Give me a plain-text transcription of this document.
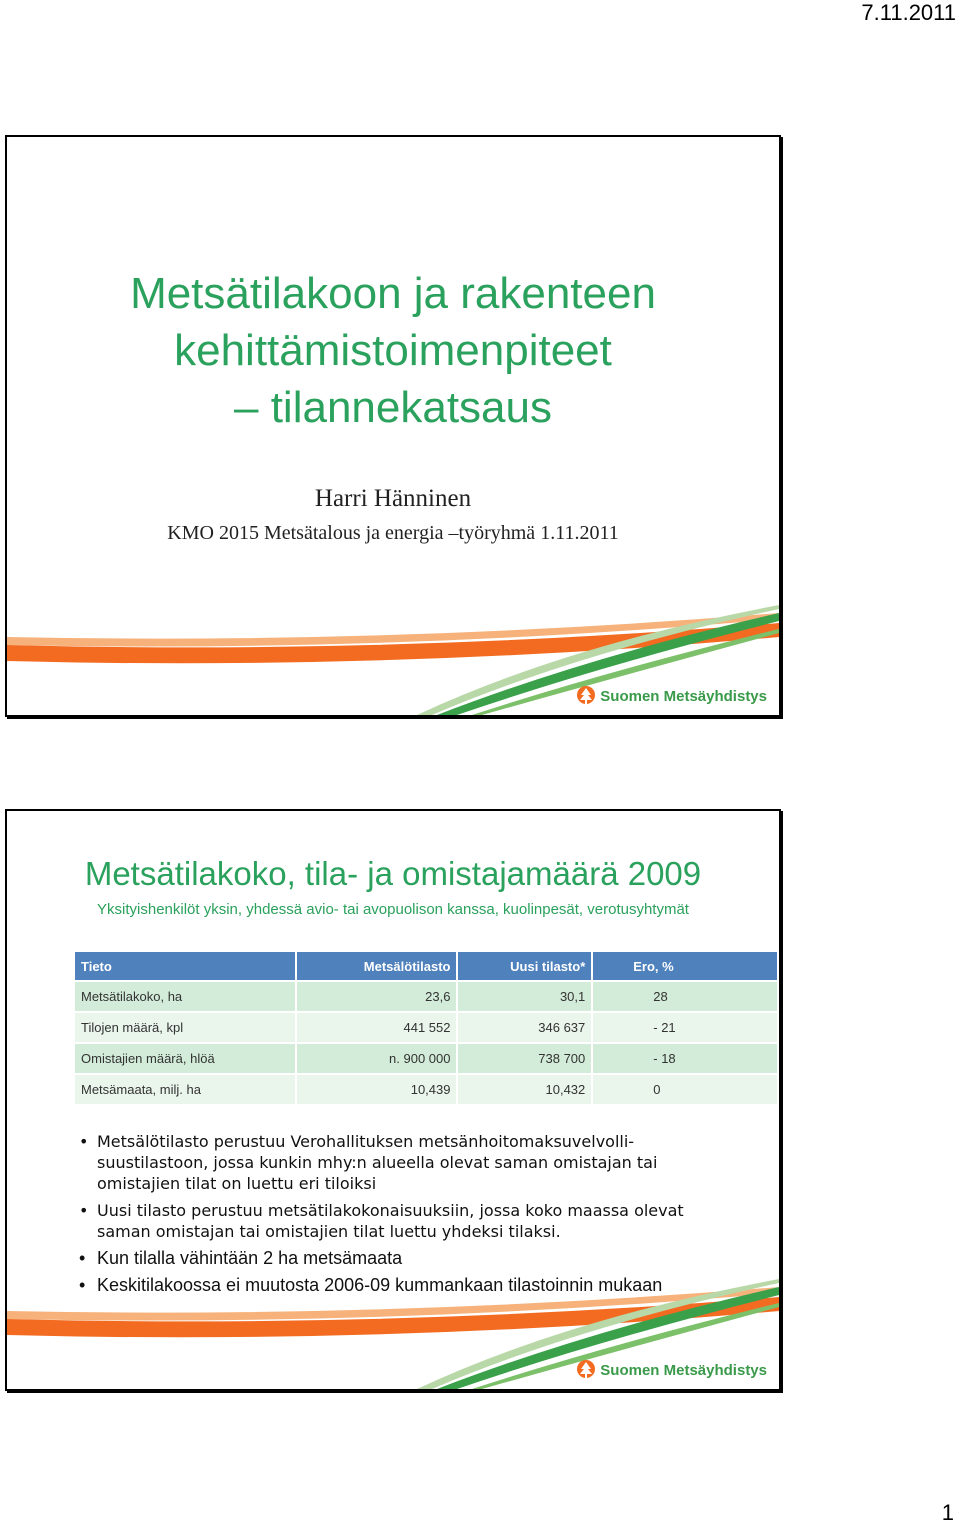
7.11.2011
Metsätilakoon ja rakenteen
kehittämistoimenpiteet
– tilannekatsaus
Harri Hänninen
KMO 2015 Metsätalous ja energia –työryhmä 1.11.2011
Suomen Metsäyhdistys
Metsätilakoko, tila- ja omistajamäärä 2009
Yksityishenkilöt yksin, yhdessä avio- tai avopuolison kanssa, kuolinpesät, verotusyhtymät
Tieto	Metsälötilasto	Uusi tilasto*	Ero, %
Metsätilakoko, ha	23,6	30,1	28
Tilojen määrä, kpl	441 552	346 637	- 21
Omistajien määrä, hlöä	n. 900 000	738 700	- 18
Metsämaata, milj. ha	10,439	10,432	0
• Metsälötilasto perustuu Verohallituksen metsänhoitomaksuvelvolli-suustilastoon, jossa kunkin mhy:n alueella olevat saman omistajan tai omistajien tilat on luettu eri tiloiksi
• Uusi tilasto perustuu metsätilakokonaisuuksiin, jossa koko maassa olevat saman omistajan tai omistajien tilat luettu yhdeksi tilaksi.
• Kun tilalla vähintään 2 ha metsämaata
• Keskitilakoossa ei muutosta 2006-09 kummankaan tilastoinnin mukaan
Suomen Metsäyhdistys
1
